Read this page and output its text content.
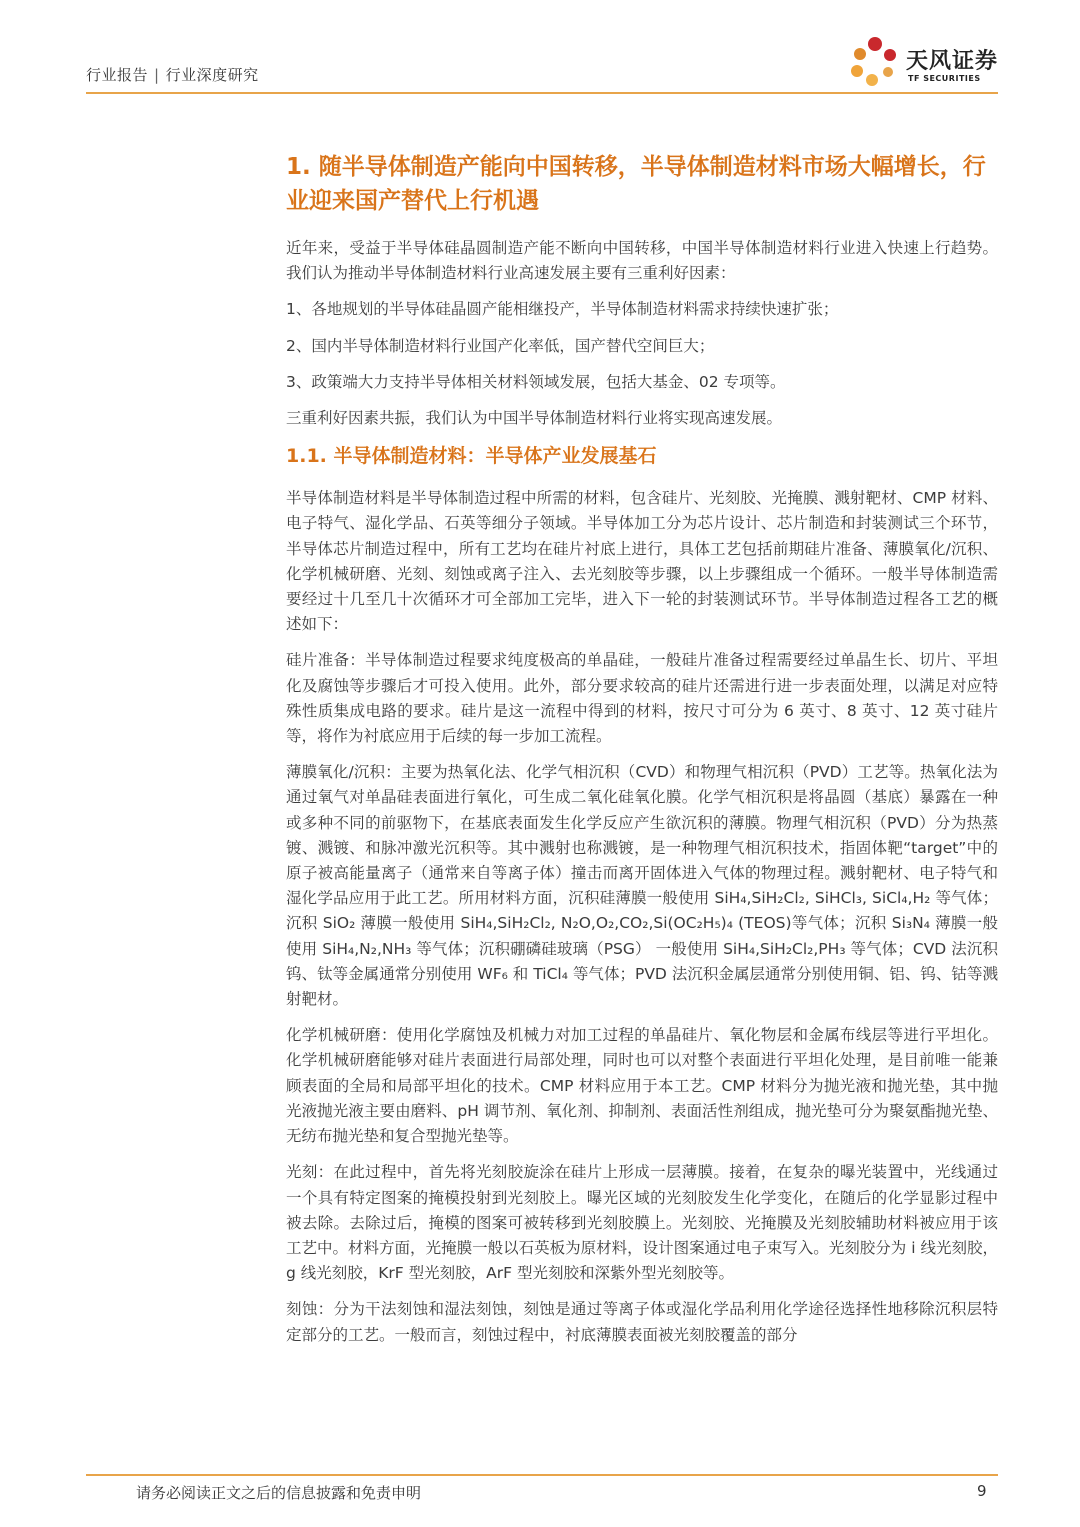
行业报告 | 行业深度研究
天风证券
TF SECURITIES
1. 随半导体制造产能向中国转移，半导体制造材料市场大幅增长，行业迎来国产替代上行机遇
近年来，受益于半导体硅晶圆制造产能不断向中国转移，中国半导体制造材料行业进入快速上行趋势。我们认为推动半导体制造材料行业高速发展主要有三重利好因素：
1、各地规划的半导体硅晶圆产能相继投产，半导体制造材料需求持续快速扩张；
2、国内半导体制造材料行业国产化率低，国产替代空间巨大；
3、政策端大力支持半导体相关材料领域发展，包括大基金、02 专项等。
三重利好因素共振，我们认为中国半导体制造材料行业将实现高速发展。
1.1. 半导体制造材料：半导体产业发展基石
半导体制造材料是半导体制造过程中所需的材料，包含硅片、光刻胶、光掩膜、溅射靶材、CMP 材料、电子特气、湿化学品、石英等细分子领域。半导体加工分为芯片设计、芯片制造和封装测试三个环节，半导体芯片制造过程中，所有工艺均在硅片衬底上进行，具体工艺包括前期硅片准备、薄膜氧化/沉积、化学机械研磨、光刻、刻蚀或离子注入、去光刻胶等步骤，以上步骤组成一个循环。一般半导体制造需要经过十几至几十次循环才可全部加工完毕，进入下一轮的封装测试环节。半导体制造过程各工艺的概述如下：
硅片准备：半导体制造过程要求纯度极高的单晶硅，一般硅片准备过程需要经过单晶生长、切片、平坦化及腐蚀等步骤后才可投入使用。此外，部分要求较高的硅片还需进行进一步表面处理，以满足对应特殊性质集成电路的要求。硅片是这一流程中得到的材料，按尺寸可分为 6 英寸、8 英寸、12 英寸硅片等，将作为衬底应用于后续的每一步加工流程。
薄膜氧化/沉积：主要为热氧化法、化学气相沉积（CVD）和物理气相沉积（PVD）工艺等。热氧化法为通过氧气对单晶硅表面进行氧化，可生成二氧化硅氧化膜。化学气相沉积是将晶圆（基底）暴露在一种或多种不同的前驱物下，在基底表面发生化学反应产生欲沉积的薄膜。物理气相沉积（PVD）分为热蒸镀、溅镀、和脉冲激光沉积等。其中溅射也称溅镀，是一种物理气相沉积技术，指固体靶“target”中的原子被高能量离子（通常来自等离子体）撞击而离开固体进入气体的物理过程。溅射靶材、电子特气和湿化学品应用于此工艺。所用材料方面，沉积硅薄膜一般使用 SiH₄,SiH₂Cl₂, SiHCl₃, SiCl₄,H₂ 等气体；沉积 SiO₂ 薄膜一般使用 SiH₄,SiH₂Cl₂, N₂O,O₂,CO₂,Si(OC₂H₅)₄ (TEOS)等气体；沉积 Si₃N₄ 薄膜一般使用 SiH₄,N₂,NH₃ 等气体；沉积硼磷硅玻璃（PSG） 一般使用 SiH₄,SiH₂Cl₂,PH₃ 等气体；CVD 法沉积钨、钛等金属通常分别使用 WF₆ 和 TiCl₄ 等气体；PVD 法沉积金属层通常分别使用铜、铝、钨、钴等溅射靶材。
化学机械研磨：使用化学腐蚀及机械力对加工过程的单晶硅片、氧化物层和金属布线层等进行平坦化。化学机械研磨能够对硅片表面进行局部处理，同时也可以对整个表面进行平坦化处理，是目前唯一能兼顾表面的全局和局部平坦化的技术。CMP 材料应用于本工艺。CMP 材料分为抛光液和抛光垫，其中抛光液抛光液主要由磨料、pH 调节剂、氧化剂、抑制剂、表面活性剂组成，抛光垫可分为聚氨酯抛光垫、无纺布抛光垫和复合型抛光垫等。
光刻：在此过程中，首先将光刻胶旋涂在硅片上形成一层薄膜。接着，在复杂的曝光装置中，光线通过一个具有特定图案的掩模投射到光刻胶上。曝光区域的光刻胶发生化学变化，在随后的化学显影过程中被去除。去除过后，掩模的图案可被转移到光刻胶膜上。光刻胶、光掩膜及光刻胶辅助材料被应用于该工艺中。材料方面，光掩膜一般以石英板为原材料，设计图案通过电子束写入。光刻胶分为 i 线光刻胶，g 线光刻胶，KrF 型光刻胶，ArF 型光刻胶和深紫外型光刻胶等。
刻蚀：分为干法刻蚀和湿法刻蚀，刻蚀是通过等离子体或湿化学品利用化学途径选择性地移除沉积层特定部分的工艺。一般而言，刻蚀过程中，衬底薄膜表面被光刻胶覆盖的部分
请务必阅读正文之后的信息披露和免责申明	9
